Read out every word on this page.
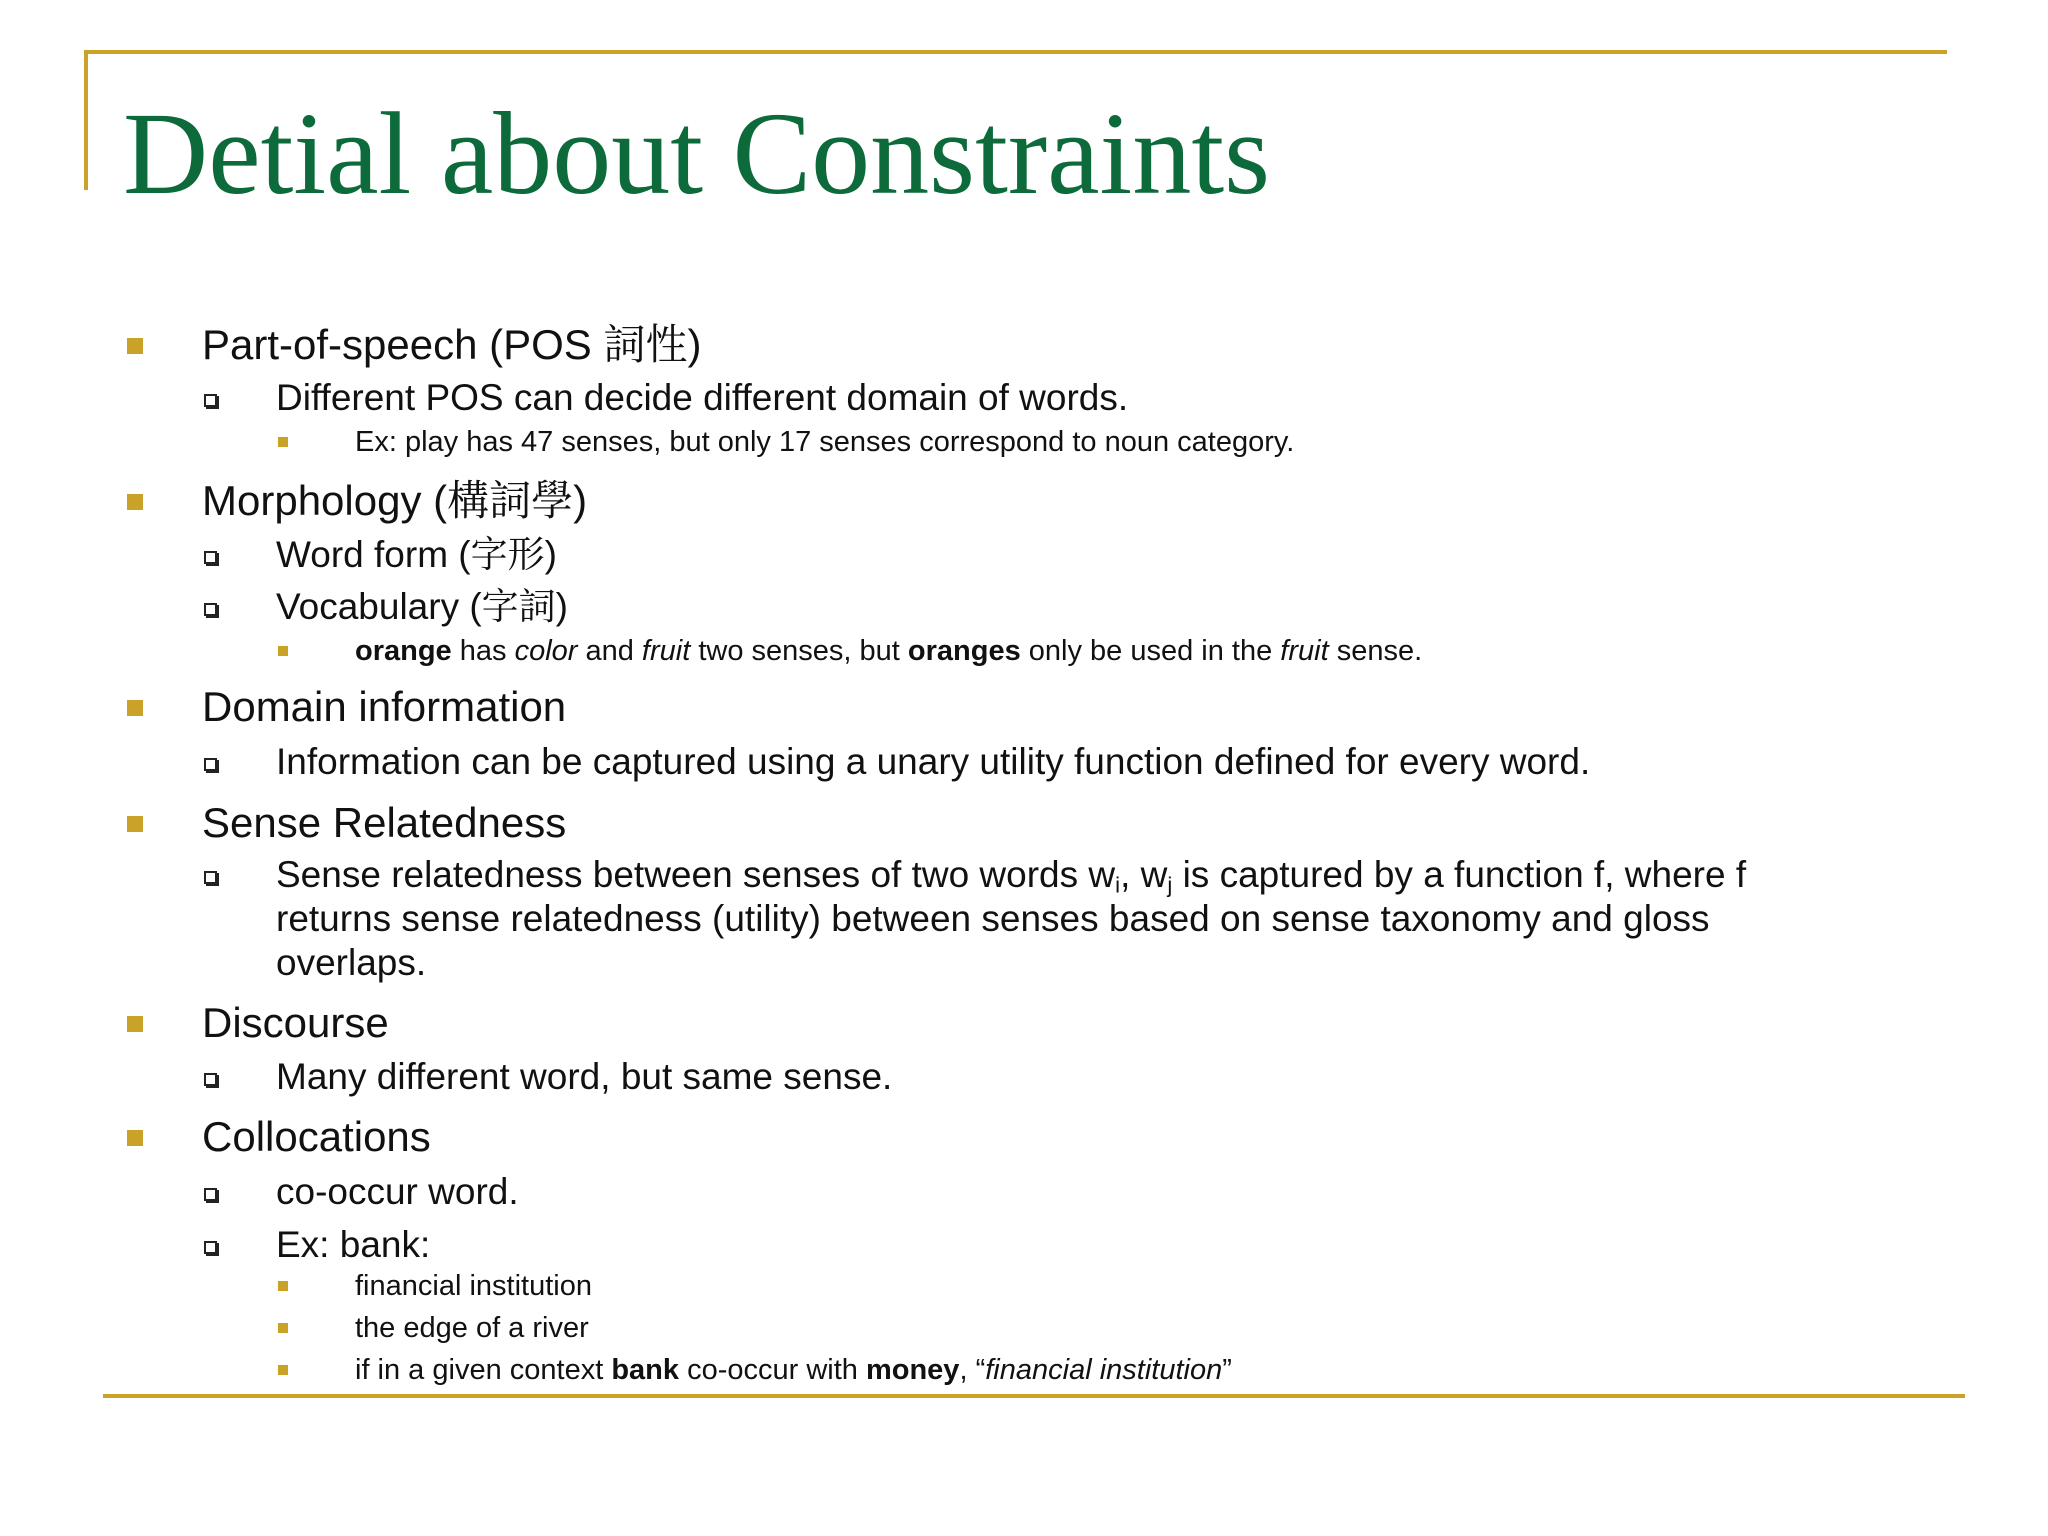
Detial about Constraints
Part-of-speech (POS 詞性)
Different POS can decide different domain of words.
Ex: play has 47 senses, but only 17 senses correspond to noun category.
Morphology (構詞學)
Word form (字形)
Vocabulary (字詞)
orange has color and fruit two senses, but oranges only be used in the fruit sense.
Domain information
Information can be captured using a unary utility function defined for every word.
Sense Relatedness
Sense relatedness between senses of two words $w_i$, $w_j$ is captured by a function f, where f
returns sense relatedness (utility) between senses based on sense taxonomy and gloss
overlaps.
Discourse
Many different word, but same sense.
Collocations
co-occur word.
Ex: bank:
financial institution
the edge of a river
if in a given context bank co-occur with money, “financial institution”
